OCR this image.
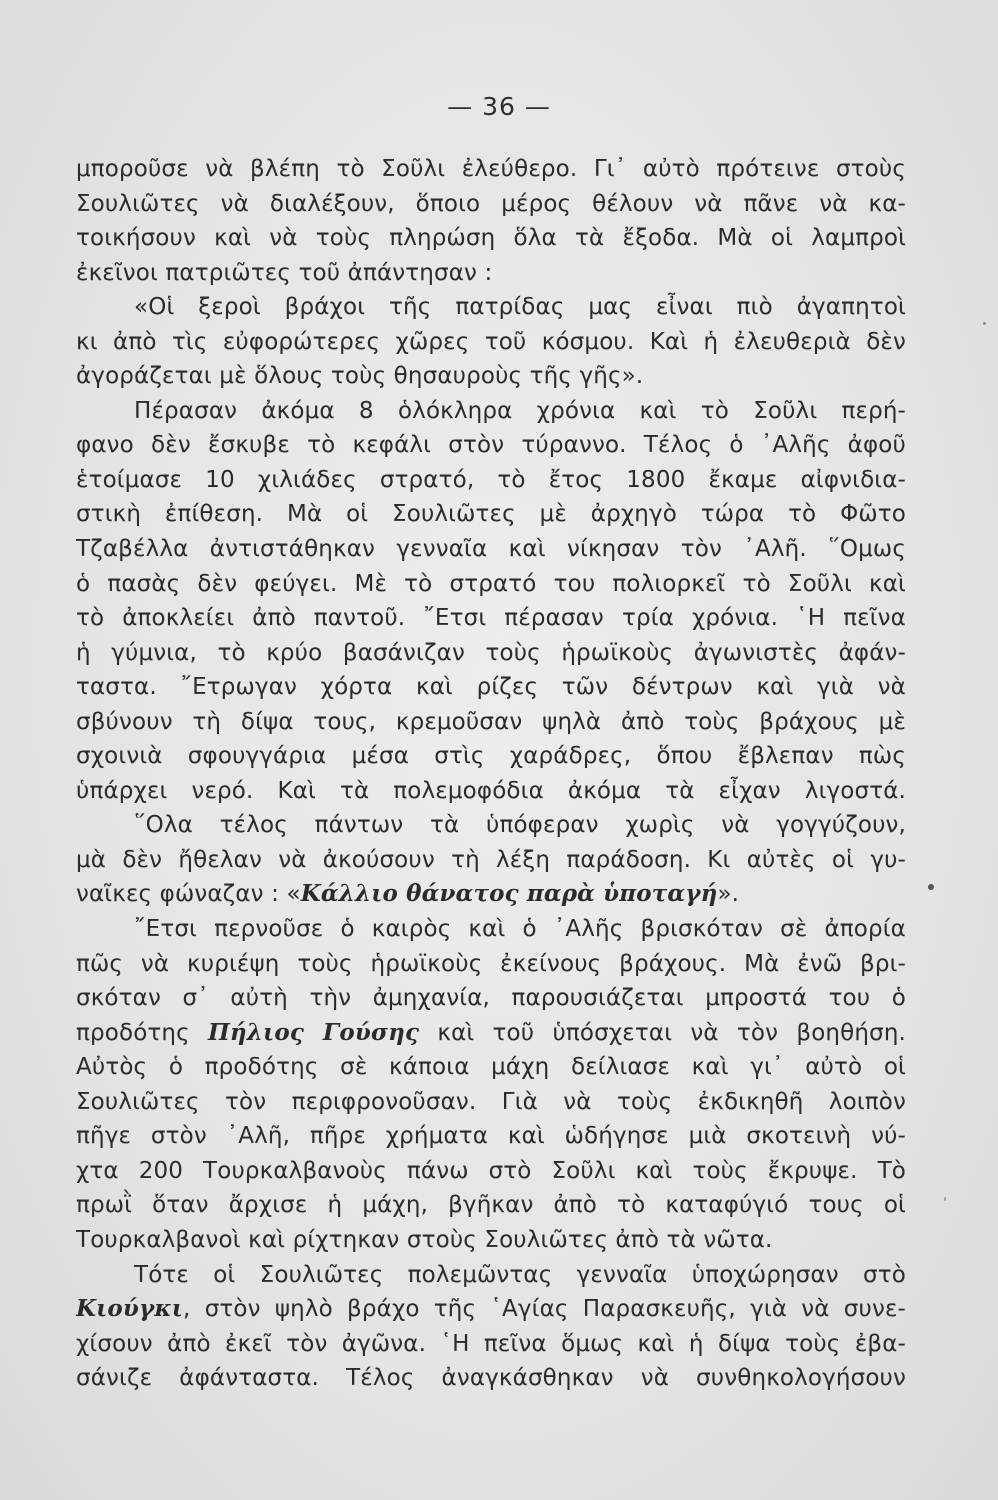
— 36 —
μποροῦσε νὰ βλέπη τὸ Σοῦλι ἐλεύθερο. Γι᾽ αὐτὸ πρότεινε στοὺς
Σουλιῶτες νὰ διαλέξουν, ὅποιο μέρος θέλουν νὰ πᾶνε νὰ κα-
τοικήσουν καὶ νὰ τοὺς πληρώση ὅλα τὰ ἔξοδα. Μὰ οἱ λαμπροὶ
ἐκεῖνοι πατριῶτες τοῦ ἀπάντησαν :
«Οἱ ξεροὶ βράχοι τῆς πατρίδας μας εἶναι πιὸ ἀγαπητοὶ
κι ἀπὸ τὶς εὐφορώτερες χῶρες τοῦ κόσμου. Καὶ ἡ ἐλευθεριὰ δὲν
ἀγοράζεται μὲ ὅλους τοὺς θησαυροὺς τῆς γῆς».
Πέρασαν ἀκόμα 8 ὁλόκληρα χρόνια καὶ τὸ Σοῦλι περή-
φανο δὲν ἔσκυβε τὸ κεφάλι στὸν τύραννο. Τέλος ὁ ᾿Αλῆς ἀφοῦ
ἑτοίμασε 10 χιλιάδες στρατό, τὸ ἔτος 1800 ἔκαμε αἰφνιδια-
στικὴ ἐπίθεση. Μὰ οἱ Σουλιῶτες μὲ ἀρχηγὸ τώρα τὸ Φῶτο
Τζαβέλλα ἀντιστάθηκαν γενναῖα καὶ νίκησαν τὸν ᾿Αλῆ. ῞Ομως
ὁ πασὰς δὲν φεύγει. Μὲ τὸ στρατό του πολιορκεῖ τὸ Σοῦλι καὶ
τὸ ἀποκλείει ἀπὸ παντοῦ. ῎Ετσι πέρασαν τρία χρόνια. ῾Η πεῖνα
ἡ γύμνια, τὸ κρύο βασάνιζαν τοὺς ἡρωϊκοὺς ἀγωνιστὲς ἀφάν-
ταστα. ῎Ετρωγαν χόρτα καὶ ρίζες τῶν δέντρων καὶ γιὰ νὰ
σβύνουν τὴ δίψα τους, κρεμοῦσαν ψηλὰ ἀπὸ τοὺς βράχους μὲ
σχοινιὰ σφουγγάρια μέσα στὶς χαράδρες, ὅπου ἔβλεπαν πὼς
ὑπάρχει νερό. Καὶ τὰ πολεμοφόδια ἀκόμα τὰ εἶχαν λιγοστά.
῞Ολα τέλος πάντων τὰ ὑπόφεραν χωρὶς νὰ γογγύζουν,
μὰ δὲν ἤθελαν νὰ ἀκούσουν τὴ λέξη παράδοση. Κι αὐτὲς οἱ γυ-
ναῖκες φώναζαν : «Κάλλιο θάνατος παρὰ ὑποταγή».
῎Ετσι περνοῦσε ὁ καιρὸς καὶ ὁ ᾿Αλῆς βρισκόταν σὲ ἀπορία
πῶς νὰ κυριέψη τοὺς ἡρωϊκοὺς ἐκείνους βράχους. Μὰ ἐνῶ βρι-
σκόταν σ᾽ αὐτὴ τὴν ἀμηχανία, παρουσιάζεται μπροστά του ὁ
προδότης Πήλιος Γούσης καὶ τοῦ ὑπόσχεται νὰ τὸν βοηθήση.
Αὐτὸς ὁ προδότης σὲ κάποια μάχη δείλιασε καὶ γι᾽ αὐτὸ οἱ
Σουλιῶτες τὸν περιφρονοῦσαν. Γιὰ νὰ τοὺς ἐκδικηθῆ λοιπὸν
πῆγε στὸν ᾿Αλῆ, πῆρε χρήματα καὶ ὡδήγησε μιὰ σκοτεινὴ νύ-
χτα 200 Τουρκαλβανοὺς πάνω στὸ Σοῦλι καὶ τοὺς ἔκρυψε. Τὸ
πρωῒ ὅταν ἄρχισε ἡ μάχη, βγῆκαν ἀπὸ τὸ καταφύγιό τους οἱ
Τουρκαλβανοὶ καὶ ρίχτηκαν στοὺς Σουλιῶτες ἀπὸ τὰ νῶτα.
Τότε οἱ Σουλιῶτες πολεμῶντας γενναῖα ὑποχώρησαν στὸ
Κιούγκι, στὸν ψηλὸ βράχο τῆς ῾Αγίας Παρασκευῆς, γιὰ νὰ συνε-
χίσουν ἀπὸ ἐκεῖ τὸν ἀγῶνα. ῾Η πεῖνα ὅμως καὶ ἡ δίψα τοὺς ἐβα-
σάνιζε ἀφάνταστα. Τέλος ἀναγκάσθηκαν νὰ συνθηκολογήσουν
